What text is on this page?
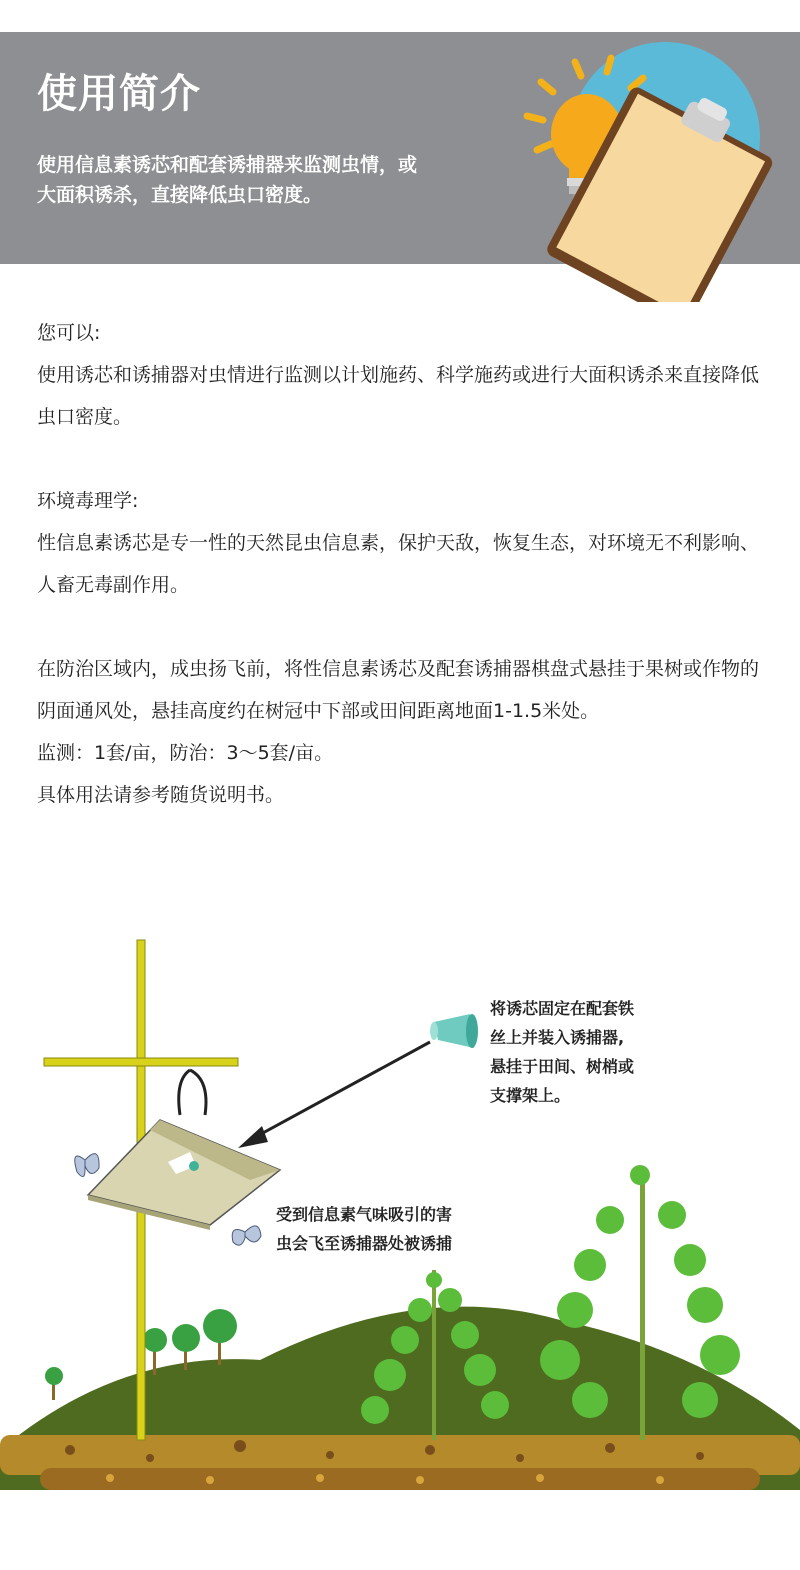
使用简介
使用信息素诱芯和配套诱捕器来监测虫情，或大面积诱杀，直接降低虫口密度。

您可以:

使用诱芯和诱捕器对虫情进行监测以计划施药、科学施药或进行大面积诱杀来直接降低虫口密度。

环境毒理学:

性信息素诱芯是专一性的天然昆虫信息素，保护天敌，恢复生态，对环境无不利影响、人畜无毒副作用。

在防治区域内，成虫扬飞前，将性信息素诱芯及配套诱捕器棋盘式悬挂于果树或作物的阴面通风处，悬挂高度约在树冠中下部或田间距离地面1-1.5米处。

监测：1套/亩，防治：3～5套/亩。

具体用法请参考随货说明书。

将诱芯固定在配套铁

丝上并装入诱捕器,

悬挂于田间、树梢或

支撑架上。

受到信息素气味吸引的害

虫会飞至诱捕器处被诱捕
